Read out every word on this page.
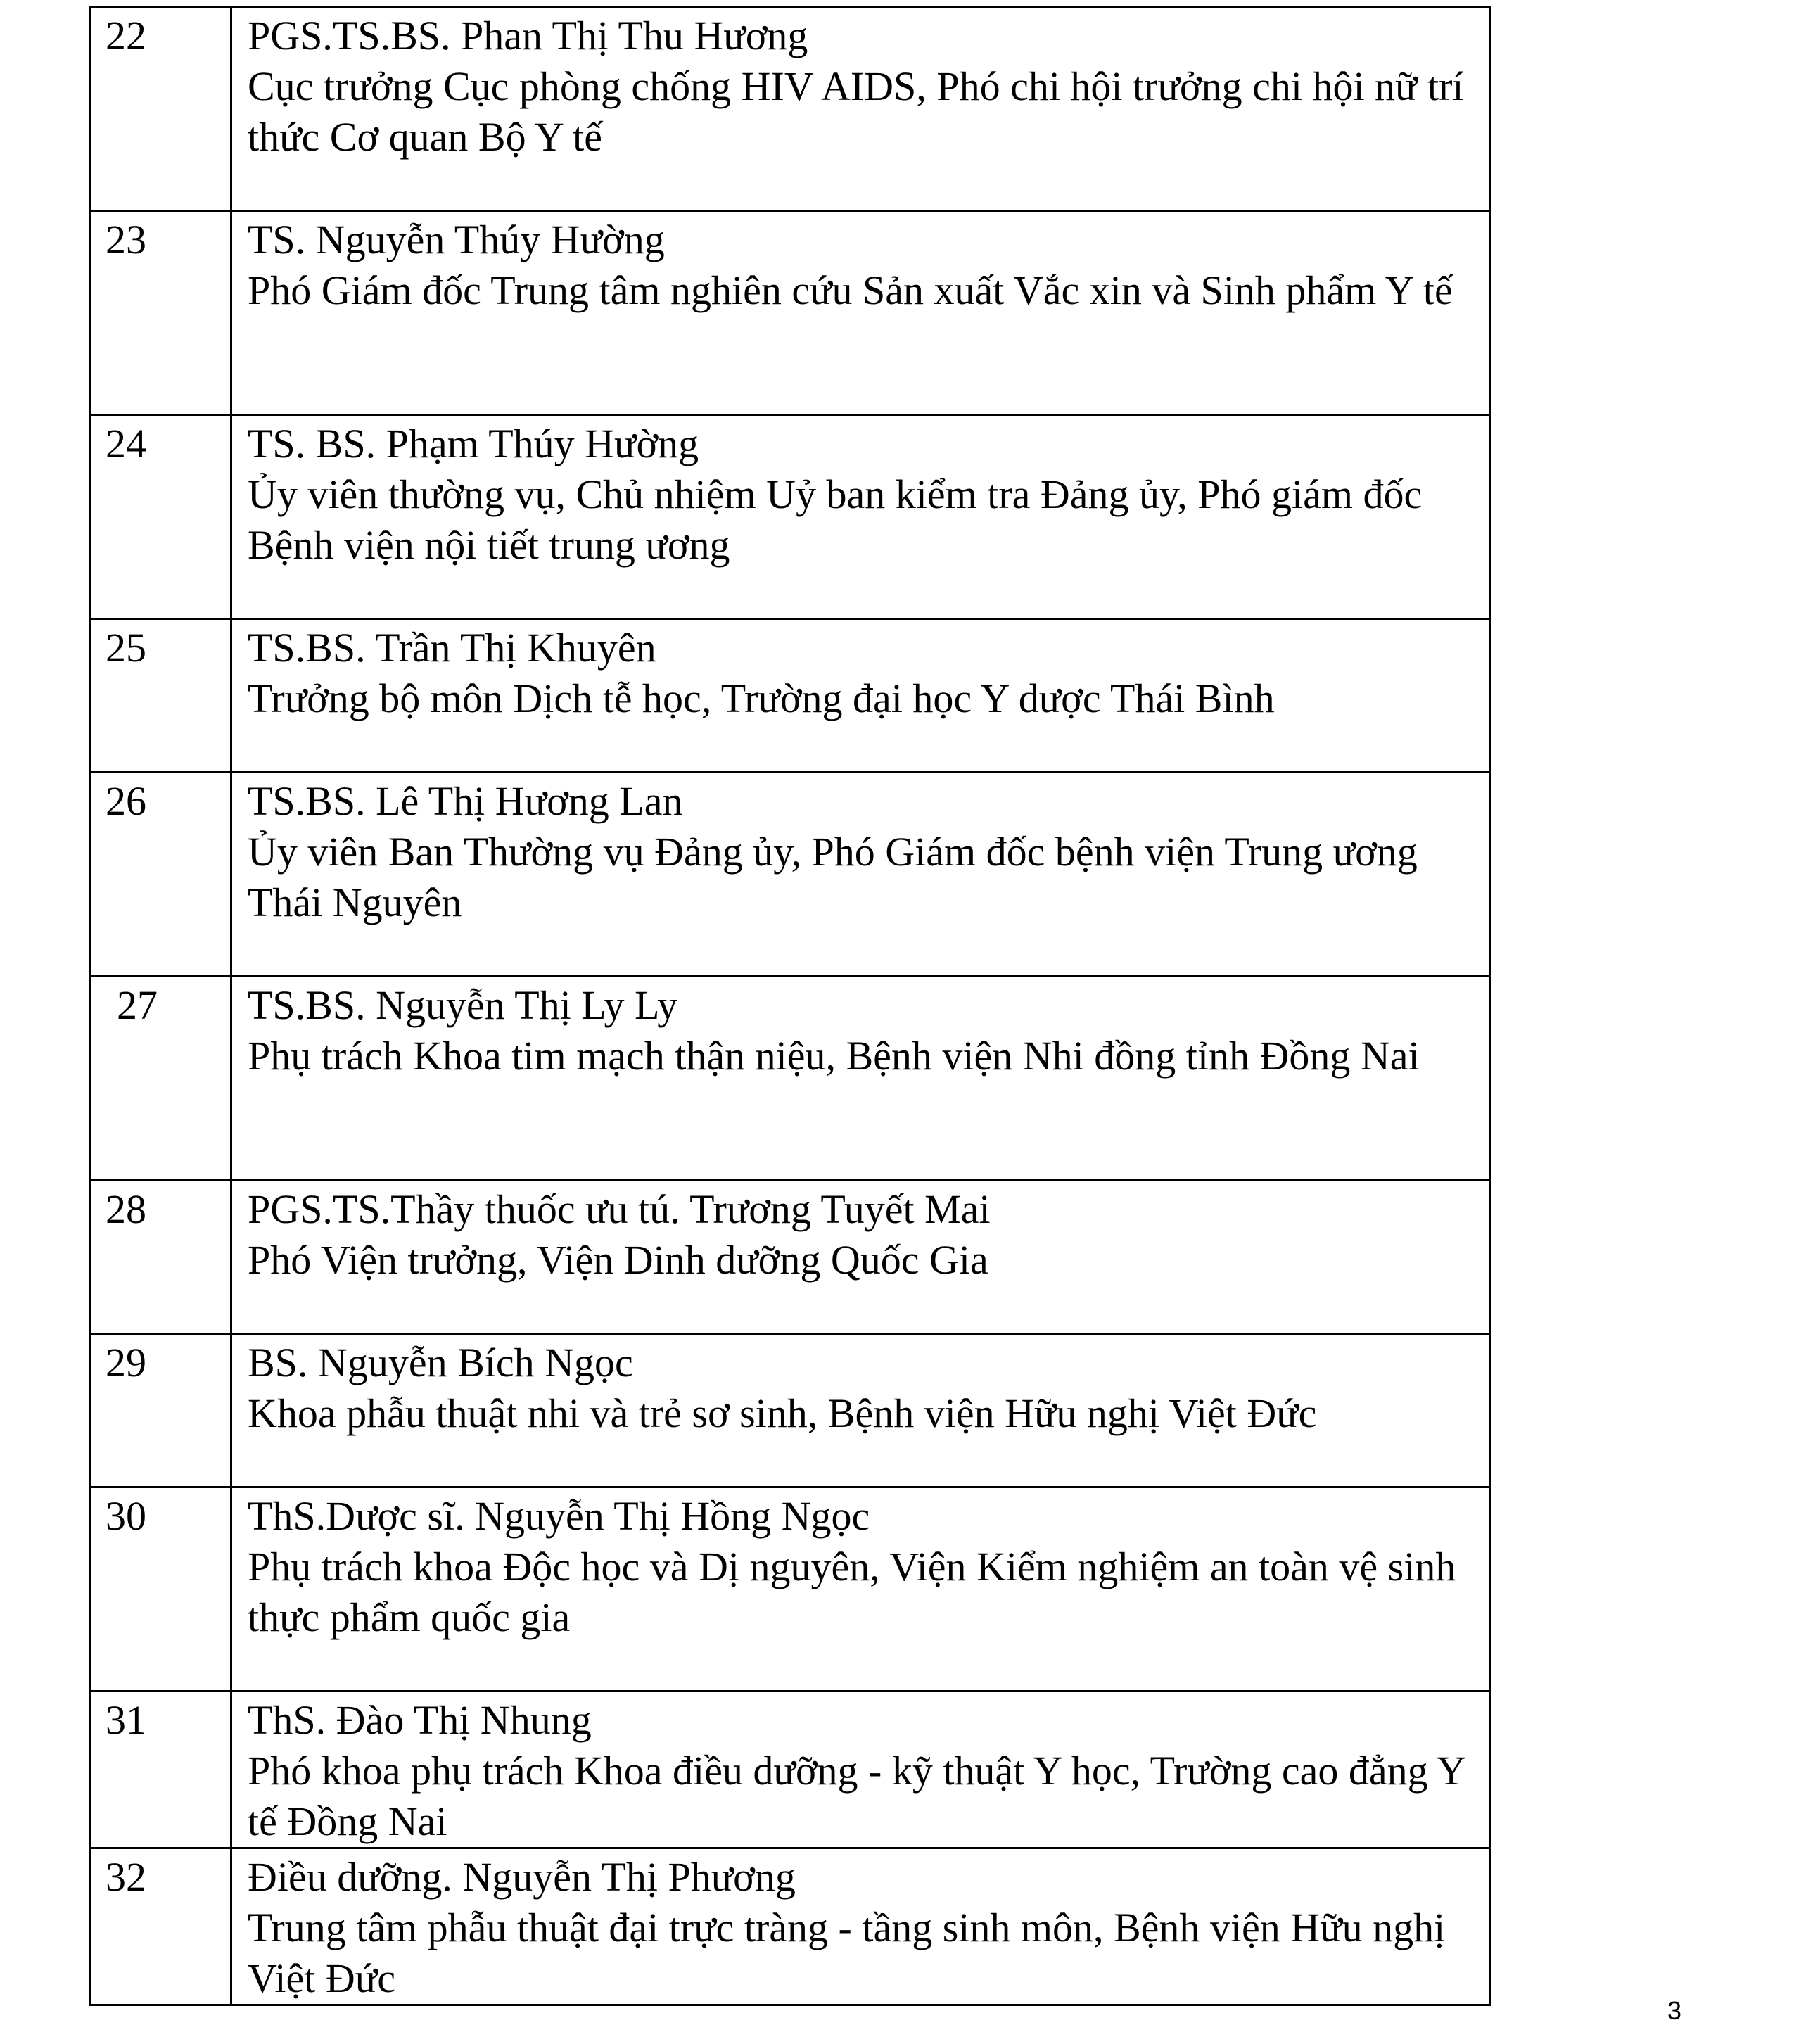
22	PGS.TS.BS. Phan Thị Thu Hương
Cục trưởng Cục phòng chống HIV AIDS, Phó chi hội trưởng chi hội nữ trí thức Cơ quan Bộ Y tế

23	TS. Nguyễn Thúy Hường
Phó Giám đốc Trung tâm nghiên cứu Sản xuất Vắc xin và Sinh phẩm Y tế

24	TS. BS. Phạm Thúy Hường
Ủy viên thường vụ, Chủ nhiệm Uỷ ban kiểm tra Đảng ủy, Phó giám đốc Bệnh viện nội tiết trung ương

25	TS.BS. Trần Thị Khuyên
Trưởng bộ môn Dịch tễ học, Trường đại học Y dược Thái Bình

26	TS.BS. Lê Thị Hương Lan
Ủy viên Ban Thường vụ Đảng ủy, Phó Giám đốc bệnh viện Trung ương Thái Nguyên

27	TS.BS. Nguyễn Thị Ly Ly
Phụ trách Khoa tim mạch thận niệu, Bệnh viện Nhi đồng tỉnh Đồng Nai

28	PGS.TS.Thầy thuốc ưu tú. Trương Tuyết Mai
Phó Viện trưởng, Viện Dinh dưỡng Quốc Gia

29	BS. Nguyễn Bích Ngọc
Khoa phẫu thuật nhi và trẻ sơ sinh, Bệnh viện Hữu nghị Việt Đức

30	ThS.Dược sĩ. Nguyễn Thị Hồng Ngọc
Phụ trách khoa Độc học và Dị nguyên, Viện Kiểm nghiệm an toàn vệ sinh thực phẩm quốc gia

31	ThS. Đào Thị Nhung
Phó khoa phụ trách Khoa điều dưỡng - kỹ thuật Y học, Trường cao đẳng Y tế Đồng Nai

32	Điều dưỡng. Nguyễn Thị Phương
Trung tâm phẫu thuật đại trực tràng - tầng sinh môn, Bệnh viện Hữu nghị Việt Đức
3
